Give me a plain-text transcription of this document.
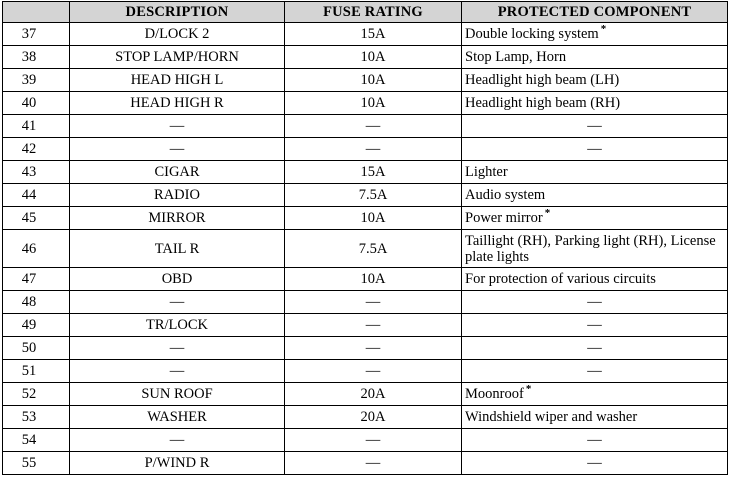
	DESCRIPTION	FUSE RATING	PROTECTED COMPONENT
37	D/LOCK 2	15A	Double locking system *
38	STOP LAMP/HORN	10A	Stop Lamp, Horn
39	HEAD HIGH L	10A	Headlight high beam (LH)
40	HEAD HIGH R	10A	Headlight high beam (RH)
41	—	—	—
42	—	—	—
43	CIGAR	15A	Lighter
44	RADIO	7.5A	Audio system
45	MIRROR	10A	Power mirror *
46	TAIL R	7.5A	Taillight (RH), Parking light (RH), License plate lights
47	OBD	10A	For protection of various circuits
48	—	—	—
49	TR/LOCK	—	—
50	—	—	—
51	—	—	—
52	SUN ROOF	20A	Moonroof *
53	WASHER	20A	Windshield wiper and washer
54	—	—	—
55	P/WIND R	—	—
